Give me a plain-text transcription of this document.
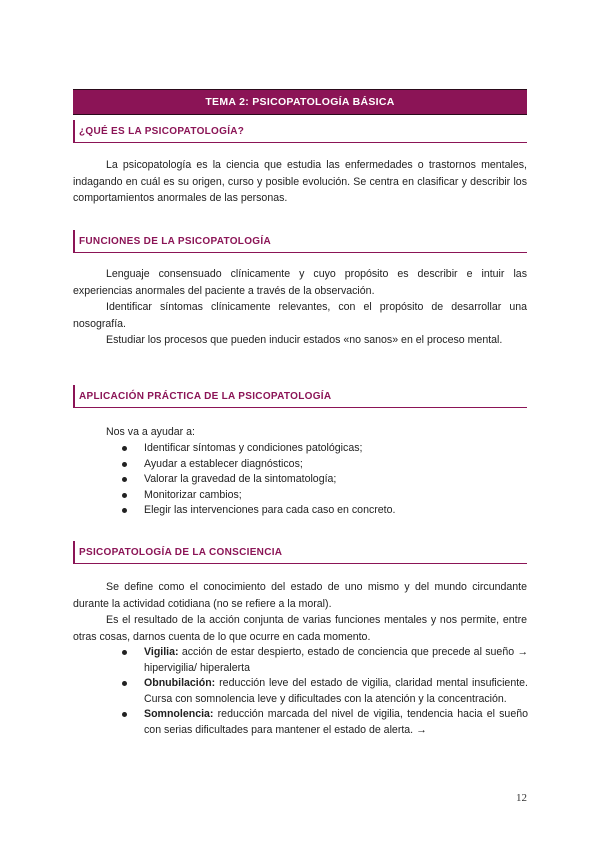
TEMA 2: PSICOPATOLOGÍA BÁSICA
¿QUÉ ES LA PSICOPATOLOGÍA?

La psicopatología es la ciencia que estudia las enfermedades o trastornos mentales, indagando en cuál es su origen, curso y posible evolución. Se centra en clasificar y describir los comportamientos anormales de las personas.

FUNCIONES DE LA PSICOPATOLOGÍA

Lenguaje consensuado clínicamente y cuyo propósito es describir e intuir las experiencias anormales del paciente a través de la observación.

Identificar síntomas clínicamente relevantes, con el propósito de desarrollar una nosografía.

Estudiar los procesos que pueden inducir estados «no sanos» en el proceso mental.

APLICACIÓN PRÁCTICA DE LA PSICOPATOLOGÍA
Nos va a ayudar a:
Identificar síntomas y condiciones patológicas;
Ayudar a establecer diagnósticos;
Valorar la gravedad de la sintomatología;
Monitorizar cambios;
Elegir las intervenciones para cada caso en concreto.
PSICOPATOLOGÍA DE LA CONSCIENCIA

Se define como el conocimiento del estado de uno mismo y del mundo circundante durante la actividad cotidiana (no se refiere a la moral).

Es el resultado de la acción conjunta de varias funciones mentales y nos permite, entre otras cosas, darnos cuenta de lo que ocurre en cada momento.

Vigilia: acción de estar despierto, estado de conciencia que precede al sueño → hipervigilia/ hiperalerta
Obnubilación: reducción leve del estado de vigilia, claridad mental insuficiente. Cursa con somnolencia leve y dificultades con la atención y la concentración.
Somnolencia: reducción marcada del nivel de vigilia, tendencia hacia el sueño con serias dificultades para mantener el estado de alerta. →
12
